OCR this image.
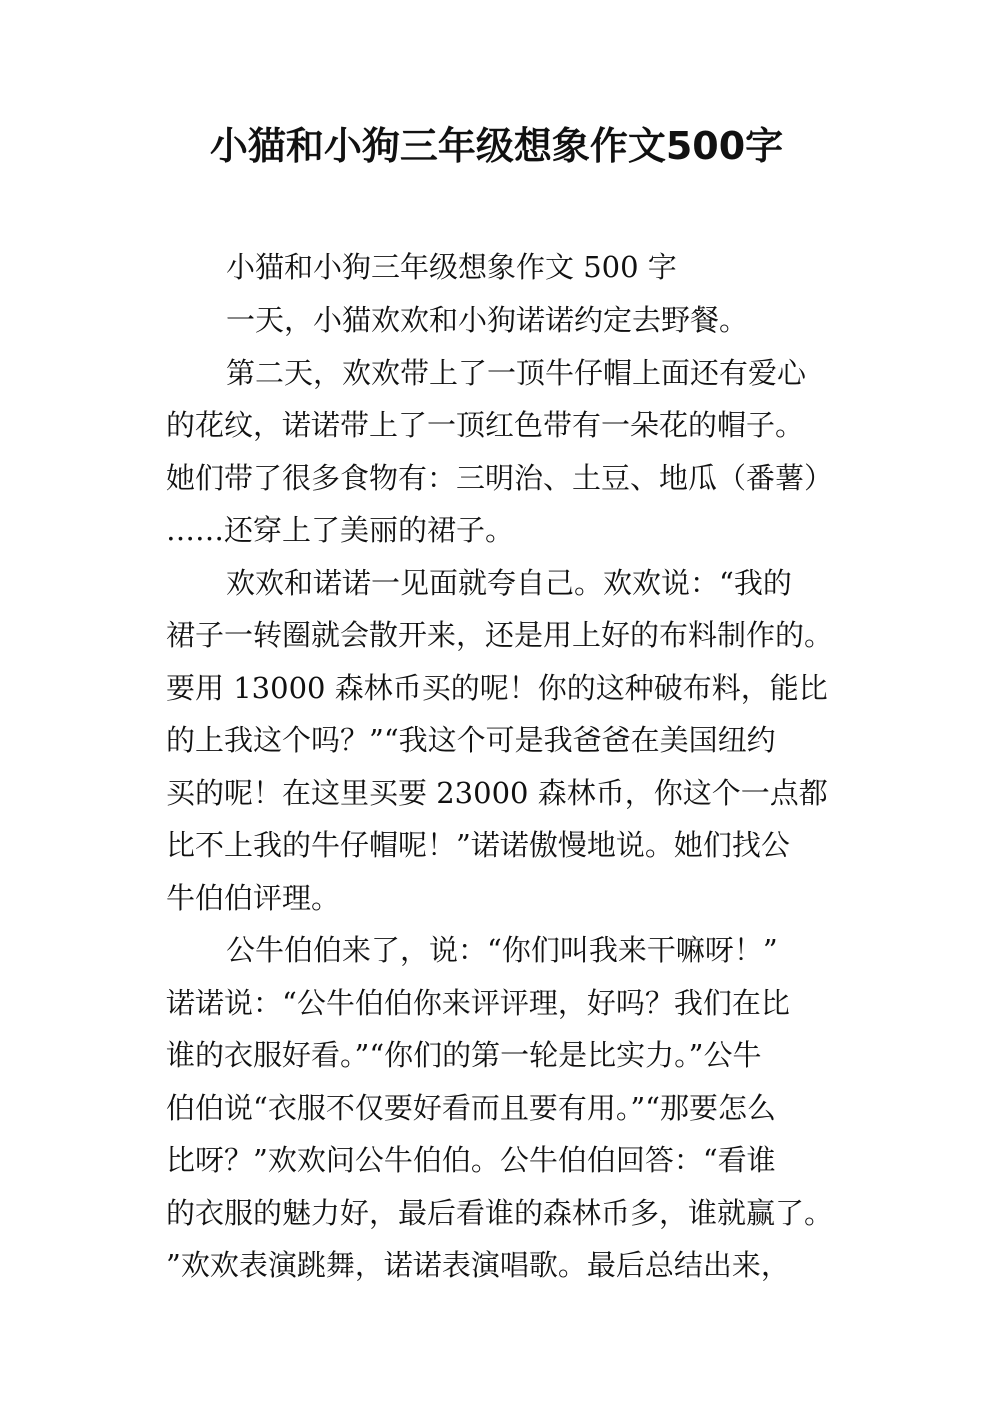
小猫和小狗三年级想象作文500字

小猫和小狗三年级想象作文 500 字

一天，小猫欢欢和小狗诺诺约定去野餐。

第二天，欢欢带上了一顶牛仔帽上面还有爱心

的花纹，诺诺带上了一顶红色带有一朵花的帽子。

她们带了很多食物有：三明治、土豆、地瓜（番薯）

……还穿上了美丽的裙子。

欢欢和诺诺一见面就夸自己。欢欢说：“我的

裙子一转圈就会散开来，还是用上好的布料制作的。

要用 13000 森林币买的呢！你的这种破布料，能比

的上我这个吗？”“我这个可是我爸爸在美国纽约

买的呢！在这里买要 23000 森林币，你这个一点都

比不上我的牛仔帽呢！”诺诺傲慢地说。她们找公

牛伯伯评理。

公牛伯伯来了，说：“你们叫我来干嘛呀！”

诺诺说：“公牛伯伯你来评评理，好吗？我们在比

谁的衣服好看。”“你们的第一轮是比实力。”公牛

伯伯说“衣服不仅要好看而且要有用。”“那要怎么

比呀？”欢欢问公牛伯伯。公牛伯伯回答：“看谁

的衣服的魅力好，最后看谁的森林币多，谁就赢了。

”欢欢表演跳舞，诺诺表演唱歌。最后总结出来，
